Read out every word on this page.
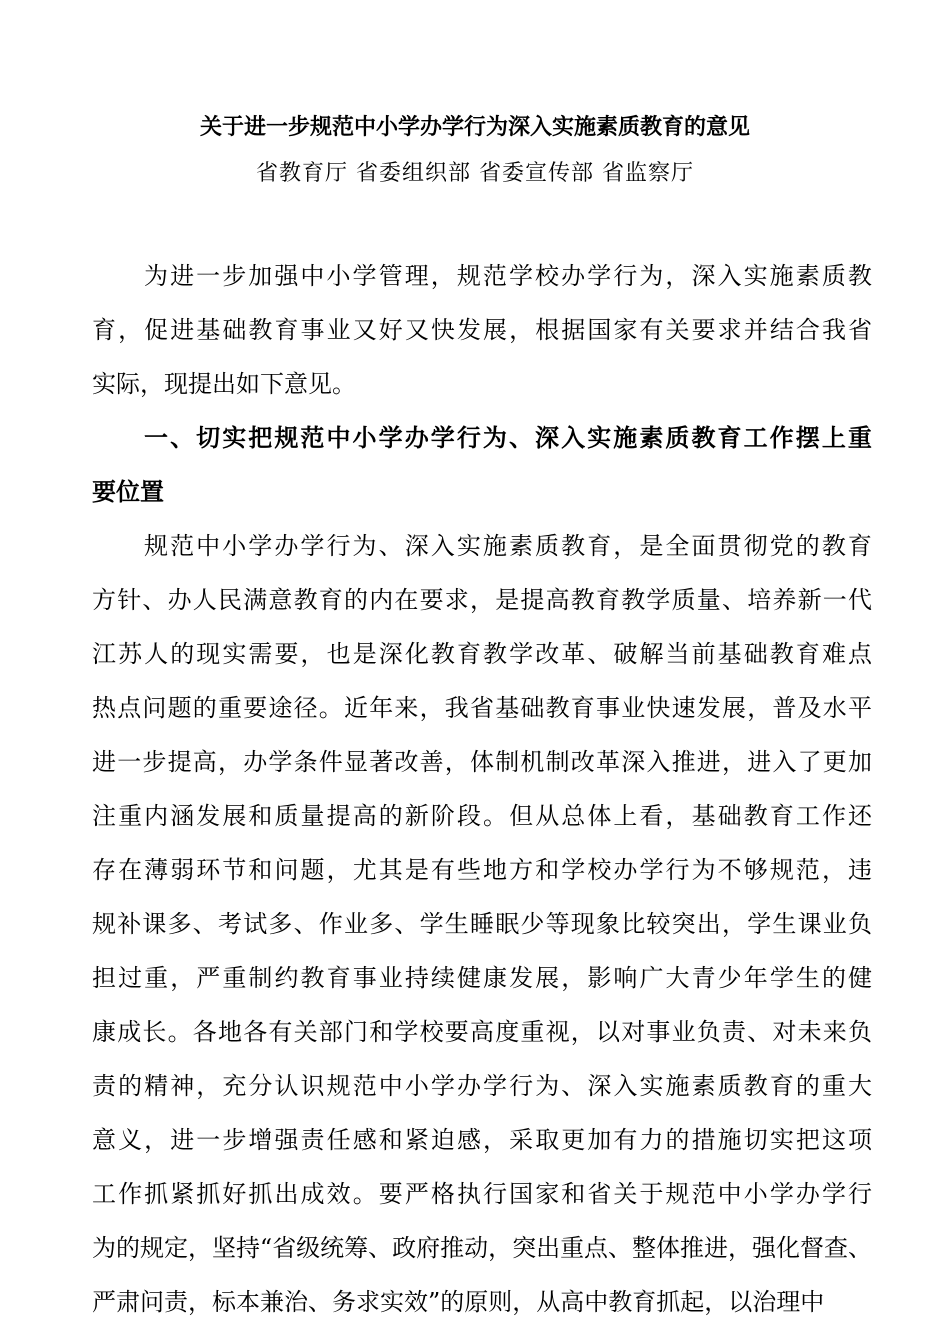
关于进一步规范中小学办学行为深入实施素质教育的意见

省教育厅 省委组织部 省委宣传部 省监察厅

为进一步加强中小学管理，规范学校办学行为，深入实施素质教

育，促进基础教育事业又好又快发展，根据国家有关要求并结合我省

实际，现提出如下意见。

一、切实把规范中小学办学行为、深入实施素质教育工作摆上重

要位置

规范中小学办学行为、深入实施素质教育，是全面贯彻党的教育

方针、办人民满意教育的内在要求，是提高教育教学质量、培养新一代

江苏人的现实需要，也是深化教育教学改革、破解当前基础教育难点

热点问题的重要途径。近年来，我省基础教育事业快速发展，普及水平

进一步提高，办学条件显著改善，体制机制改革深入推进，进入了更加

注重内涵发展和质量提高的新阶段。但从总体上看，基础教育工作还

存在薄弱环节和问题，尤其是有些地方和学校办学行为不够规范，违

规补课多、考试多、作业多、学生睡眠少等现象比较突出，学生课业负

担过重，严重制约教育事业持续健康发展，影响广大青少年学生的健

康成长。各地各有关部门和学校要高度重视，以对事业负责、对未来负

责的精神，充分认识规范中小学办学行为、深入实施素质教育的重大

意义，进一步增强责任感和紧迫感，采取更加有力的措施切实把这项

工作抓紧抓好抓出成效。要严格执行国家和省关于规范中小学办学行

为的规定，坚持“省级统筹、政府推动，突出重点、整体推进，强化督查、

严肃问责，标本兼治、务求实效”的原则，从高中教育抓起，以治理中
